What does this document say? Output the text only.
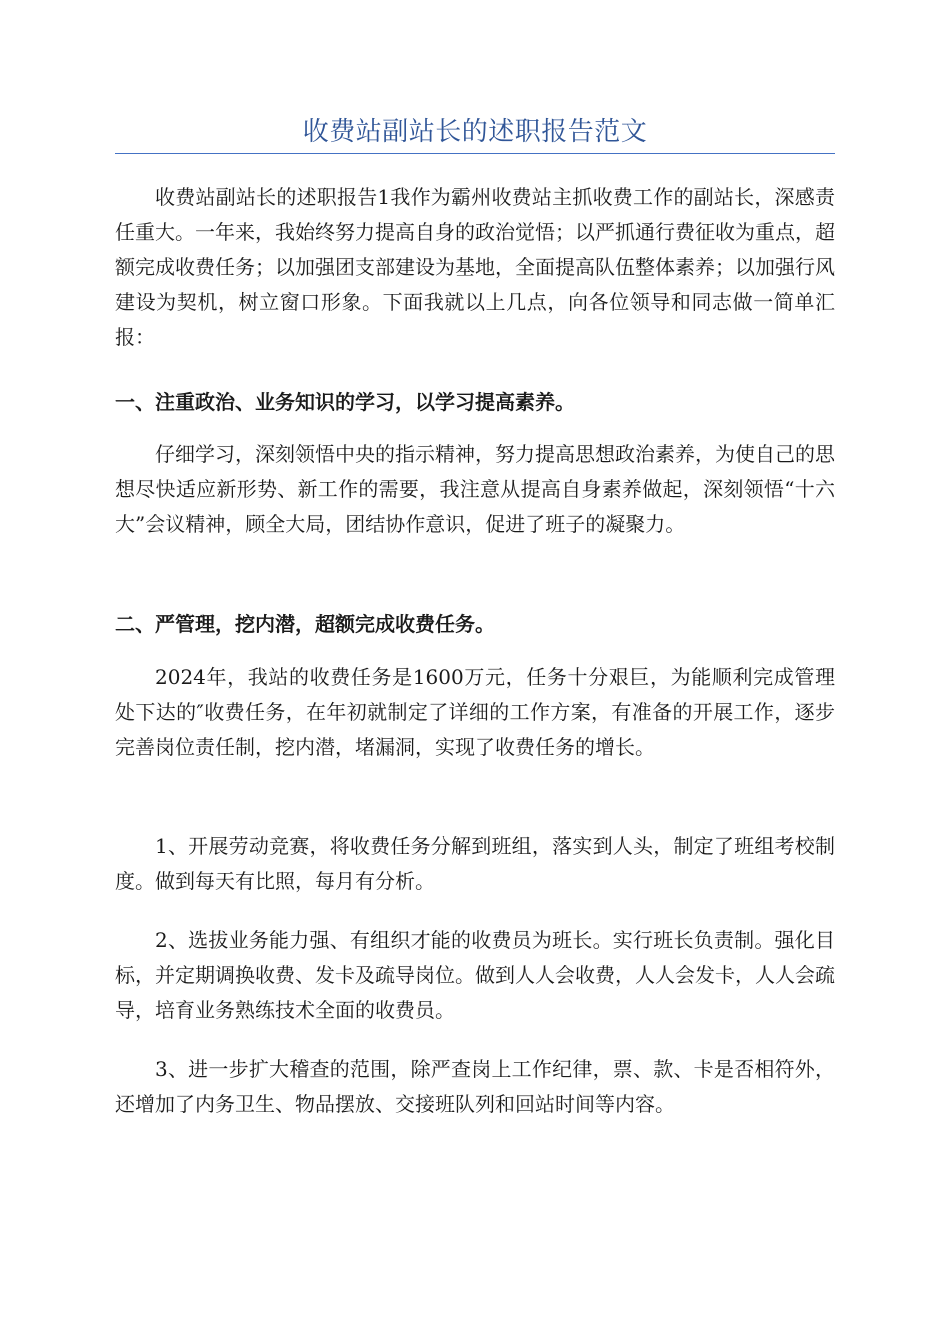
收费站副站长的述职报告范文

收费站副站长的述职报告1我作为霸州收费站主抓收费工作的副站长，深感责任重大。一年来，我始终努力提高自身的政治觉悟；以严抓通行费征收为重点，超额完成收费任务；以加强团支部建设为基地，全面提高队伍整体素养；以加强行风建设为契机，树立窗口形象。下面我就以上几点，向各位领导和同志做一简单汇报：

一、注重政治、业务知识的学习，以学习提高素养。

仔细学习，深刻领悟中央的指示精神，努力提高思想政治素养，为使自己的思想尽快适应新形势、新工作的需要，我注意从提高自身素养做起，深刻领悟“十六大”会议精神，顾全大局，团结协作意识，促进了班子的凝聚力。

二、严管理，挖内潜，超额完成收费任务。

2024年，我站的收费任务是1600万元，任务十分艰巨，为能顺利完成管理处下达的″收费任务，在年初就制定了详细的工作方案，有准备的开展工作，逐步完善岗位责任制，挖内潜，堵漏洞，实现了收费任务的增长。

1、开展劳动竞赛，将收费任务分解到班组，落实到人头，制定了班组考校制度。做到每天有比照，每月有分析。

2、选拔业务能力强、有组织才能的收费员为班长。实行班长负责制。强化目标，并定期调换收费、发卡及疏导岗位。做到人人会收费，人人会发卡，人人会疏导，培育业务熟练技术全面的收费员。

3、进一步扩大稽查的范围，除严查岗上工作纪律，票、款、卡是否相符外，还增加了内务卫生、物品摆放、交接班队列和回站时间等内容。
